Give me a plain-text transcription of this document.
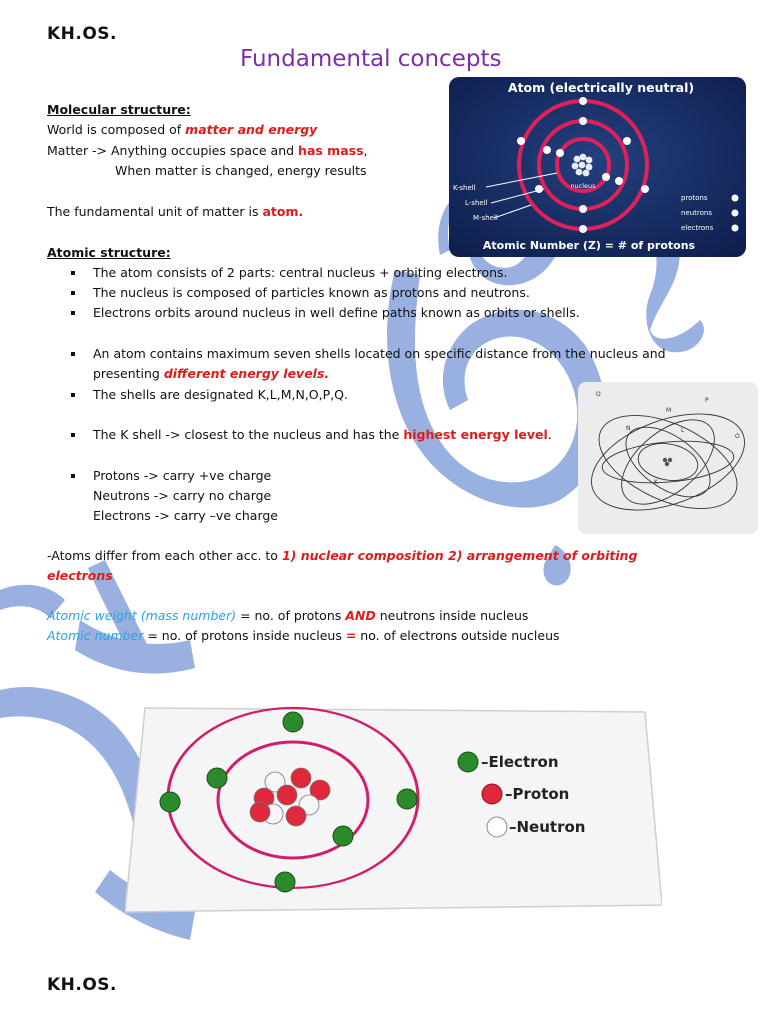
Atom (electrically neutral)
nucleus
K-shell
L-shell
M-shell
protons
neutrons
electrons
Atomic Number (Z) = # of protons
O
P
M
N	L
O
K
–Electron
–Proton
–Neutron
KH.OS.
Fundamental concepts
Molecular structure:
World is composed of matter and energy
Matter -> Anything occupies space and has mass,
When matter is changed, energy results
The fundamental unit of matter is atom.
Atomic structure:
The atom consists of 2 parts: central nucleus + orbiting electrons.
The nucleus is composed of particles known as protons and neutrons.
Electrons orbits around nucleus in well define paths known as orbits or shells.
An atom contains maximum seven shells located on specific distance from the nucleus and
presenting different energy levels.
The shells are designated K,L,M,N,O,P,Q.
The K shell -> closest to the nucleus and has the highest energy level.
Protons -> carry +ve charge
Neutrons -> carry no charge
Electrons -> carry –ve charge
-Atoms differ from each other acc. to 1) nuclear composition 2) arrangement of orbiting
electrons
Atomic weight (mass number) = no. of protons AND neutrons inside nucleus
Atomic number = no. of protons inside nucleus = no. of electrons outside nucleus
KH.OS.
